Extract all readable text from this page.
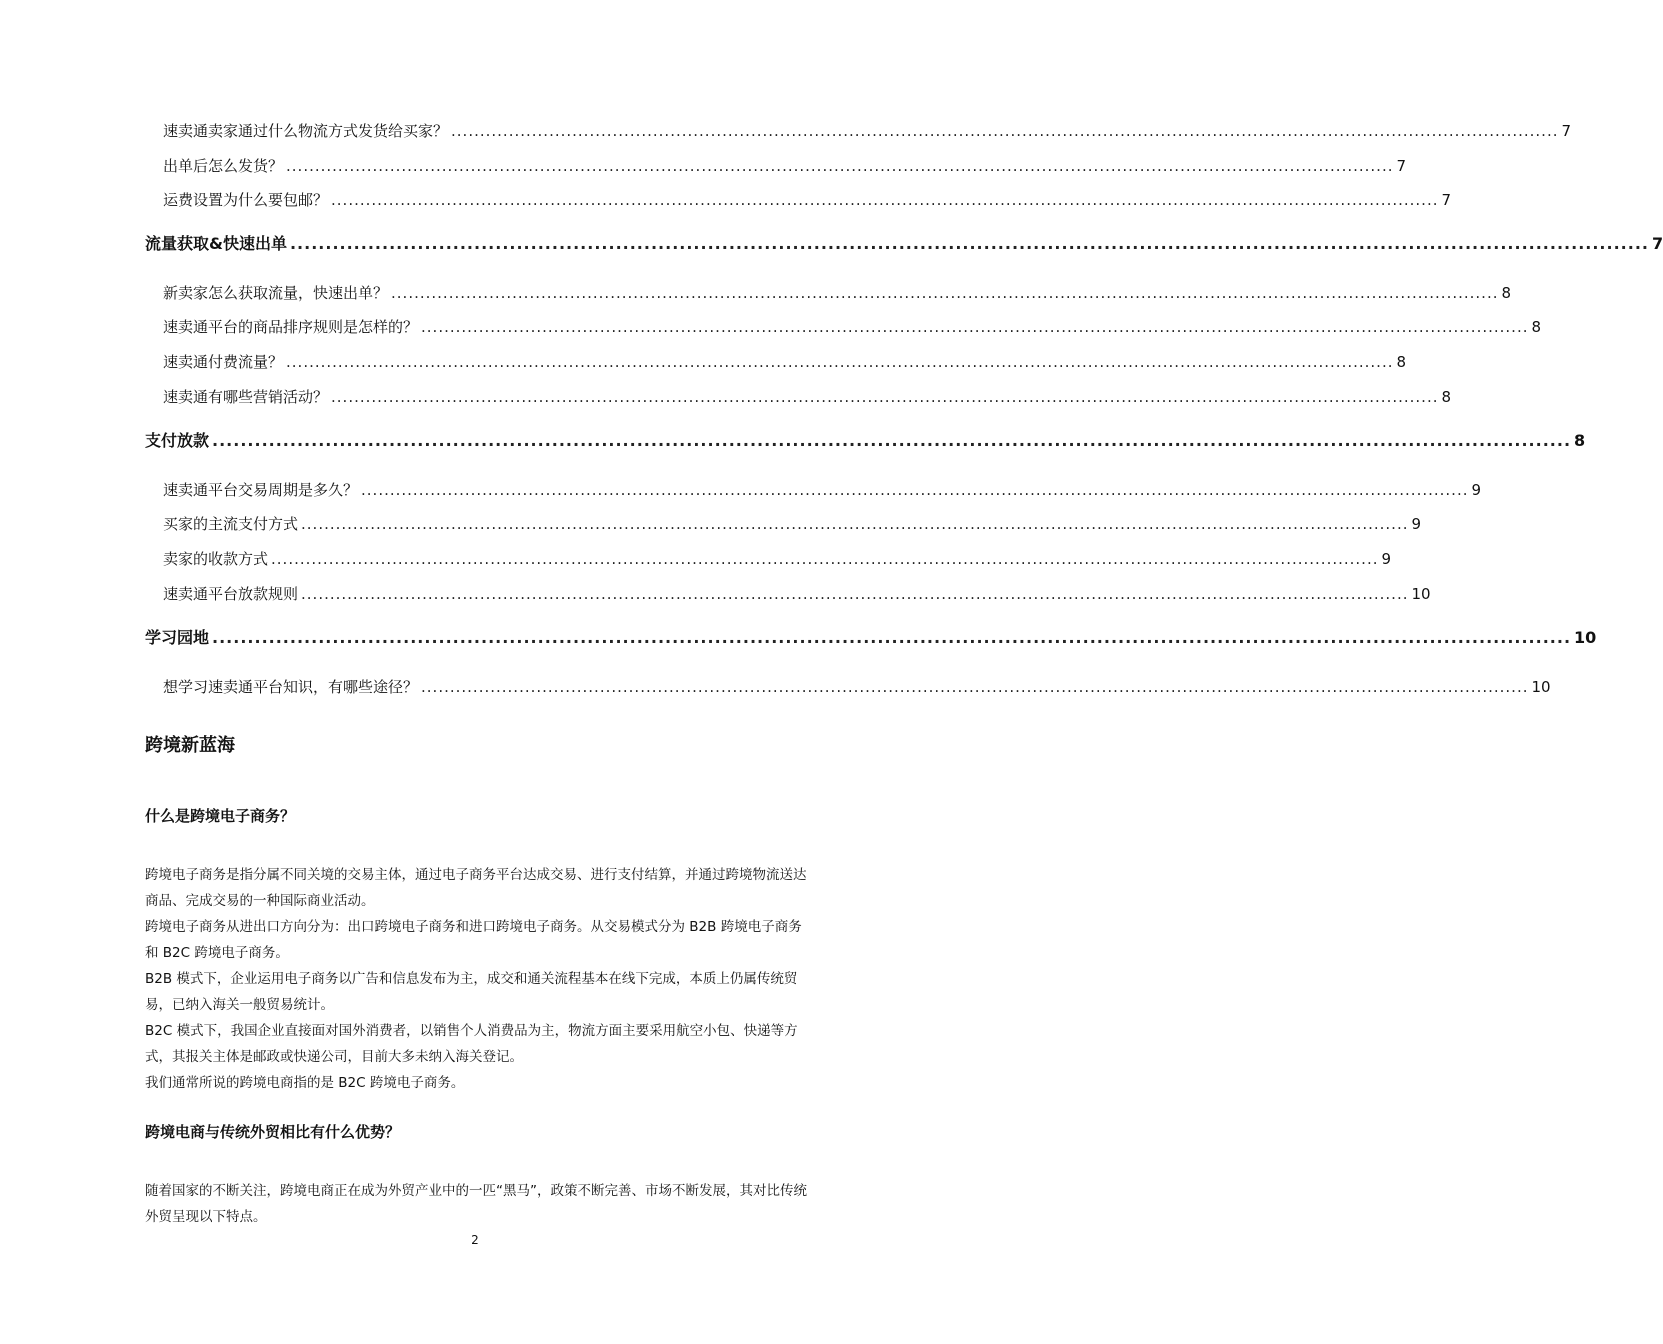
速卖通卖家通过什么物流方式发货给买家？ ................................................................................................................................................................................................ 7
出单后怎么发货？ ................................................................................................................................................................................................ 7
运费设置为什么要包邮？ ................................................................................................................................................................................................ 7
流量获取&快速出单 ................................................................................................................................................................................................ 7
新卖家怎么获取流量，快速出单？ ................................................................................................................................................................................................ 8
速卖通平台的商品排序规则是怎样的？ ................................................................................................................................................................................................ 8
速卖通付费流量？ ................................................................................................................................................................................................ 8
速卖通有哪些营销活动？ ................................................................................................................................................................................................ 8
支付放款 ................................................................................................................................................................................................ 8
速卖通平台交易周期是多久？ ................................................................................................................................................................................................ 9
买家的主流支付方式 ................................................................................................................................................................................................ 9
卖家的收款方式 ................................................................................................................................................................................................ 9
速卖通平台放款规则 ................................................................................................................................................................................................ 10
学习园地 ................................................................................................................................................................................................ 10
想学习速卖通平台知识，有哪些途径？ ................................................................................................................................................................................................ 10
跨境新蓝海
什么是跨境电子商务？

跨境电子商务是指分属不同关境的交易主体，通过电子商务平台达成交易、进行支付结算，并通过跨境物流送达商品、完成交易的一种国际商业活动。

跨境电子商务从进出口方向分为：出口跨境电子商务和进口跨境电子商务。从交易模式分为 B2B 跨境电子商务和 B2C 跨境电子商务。

B2B 模式下，企业运用电子商务以广告和信息发布为主，成交和通关流程基本在线下完成，本质上仍属传统贸易，已纳入海关一般贸易统计。

B2C 模式下，我国企业直接面对国外消费者，以销售个人消费品为主，物流方面主要采用航空小包、快递等方式，其报关主体是邮政或快递公司，目前大多未纳入海关登记。

我们通常所说的跨境电商指的是 B2C 跨境电子商务。

跨境电商与传统外贸相比有什么优势？

随着国家的不断关注，跨境电商正在成为外贸产业中的一匹“黑马”，政策不断完善、市场不断发展，其对比传统外贸呈现以下特点。

2
